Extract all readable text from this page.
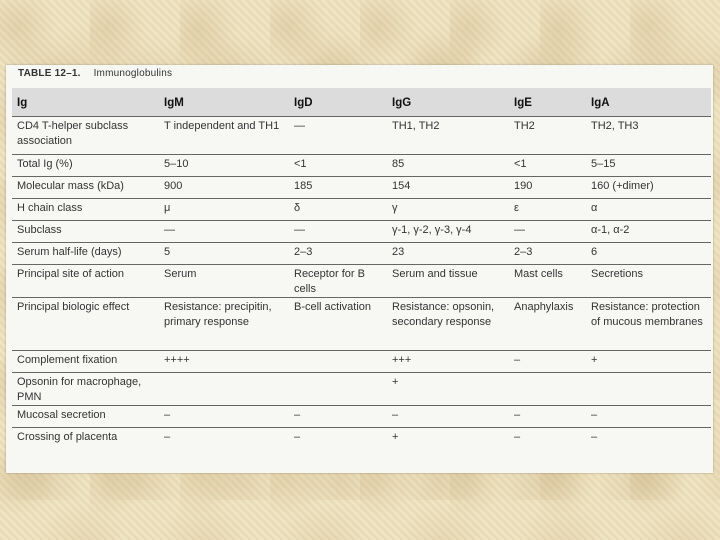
TABLE 12–1. Immunoglobulins
Ig	IgM	IgD	IgG	IgE	IgA
CD4 T-helper subclass association	T independent and TH1	—	TH1, TH2	TH2	TH2, TH3
Total Ig (%)	5–10	<1	85	<1	5–15
Molecular mass (kDa)	900	185	154	190	160 (+dimer)
H chain class	μ	δ	γ	ε	α
Subclass	—	—	γ-1, γ-2, γ-3, γ-4	—	α-1, α-2
Serum half-life (days)	5	2–3	23	2–3	6
Principal site of action	Serum	Receptor for B cells	Serum and tissue	Mast cells	Secretions
Principal biologic effect	Resistance: precipitin, primary response	B-cell activation	Resistance: opsonin, secondary response	Anaphylaxis	Resistance: protection of mucous membranes
Complement fixation	++++		+++	–	+
Opsonin for macrophage, PMN			+		
Mucosal secretion	–	–	–	–	–
Crossing of placenta	–	–	+	–	–
